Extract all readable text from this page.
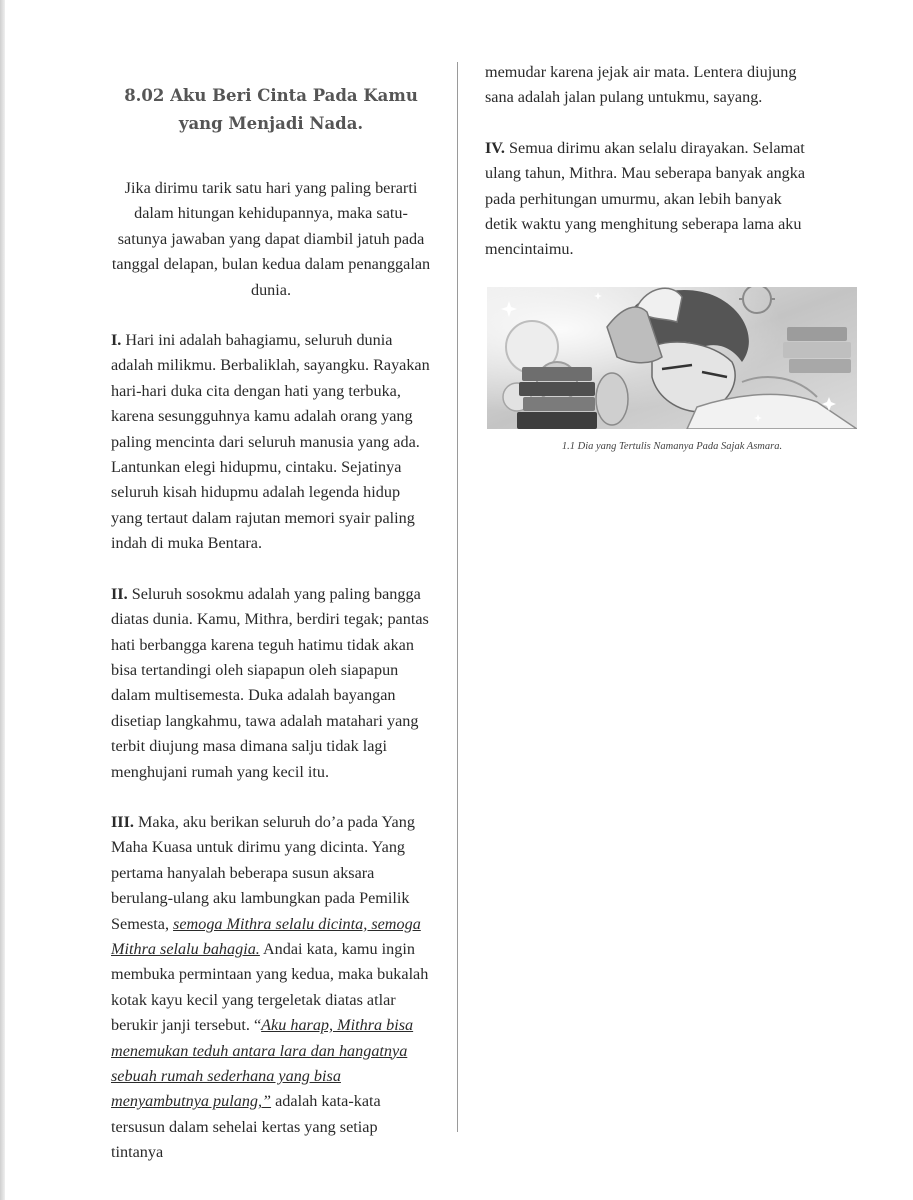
8.02 Aku Beri Cinta Pada Kamu yang Menjadi Nada.

Jika dirimu tarik satu hari yang paling berarti dalam hitungan kehidupannya, maka satu-satunya jawaban yang dapat diambil jatuh pada tanggal delapan, bulan kedua dalam penanggalan dunia.

I. Hari ini adalah bahagiamu, seluruh dunia adalah milikmu. Berbaliklah, sayangku. Rayakan hari-hari duka cita dengan hati yang terbuka, karena sesungguhnya kamu adalah orang yang paling mencinta dari seluruh manusia yang ada. Lantunkan elegi hidupmu, cintaku. Sejatinya seluruh kisah hidupmu adalah legenda hidup yang tertaut dalam rajutan memori syair paling indah di muka Bentara.

II. Seluruh sosokmu adalah yang paling bangga diatas dunia. Kamu, Mithra, berdiri tegak; pantas hati berbangga karena teguh hatimu tidak akan bisa tertandingi oleh siapapun oleh siapapun dalam multisemesta. Duka adalah bayangan disetiap langkahmu, tawa adalah matahari yang terbit diujung masa dimana salju tidak lagi menghujani rumah yang kecil itu.

III. Maka, aku berikan seluruh do’a pada Yang Maha Kuasa untuk dirimu yang dicinta. Yang pertama hanyalah beberapa susun aksara berulang-ulang aku lambungkan pada Pemilik Semesta, semoga Mithra selalu dicinta, semoga Mithra selalu bahagia. Andai kata, kamu ingin membuka permintaan yang kedua, maka bukalah kotak kayu kecil yang tergeletak diatas atlar berukir janji tersebut. “Aku harap, Mithra bisa menemukan teduh antara lara dan hangatnya sebuah rumah sederhana yang bisa menyambutnya pulang,” adalah kata-kata tersusun dalam sehelai kertas yang setiap tintanya

memudar karena jejak air mata. Lentera diujung sana adalah jalan pulang untukmu, sayang.

IV. Semua dirimu akan selalu dirayakan. Selamat ulang tahun, Mithra. Mau seberapa banyak angka pada perhitungan umurmu, akan lebih banyak detik waktu yang menghitung seberapa lama aku mencintaimu.

1.1 Dia yang Tertulis Namanya Pada Sajak Asmara.
